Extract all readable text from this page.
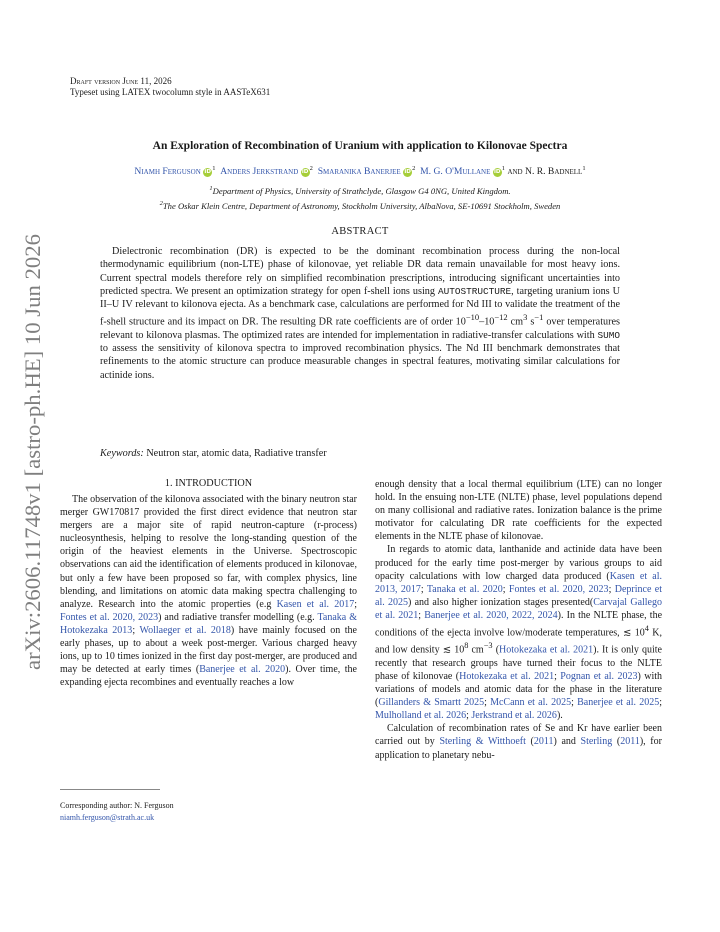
arXiv:2606.11748v1 [astro-ph.HE] 10 Jun 2026
Draft version June 11, 2026
Typeset using LATEX twocolumn style in AASTeX631
An Exploration of Recombination of Uranium with application to Kilonovae Spectra
Niamh Ferguson $iD^1$ Anders Jerkstrand $iD^2$ Smaranika Banerjee $iD^2$ M. G. O'Mullane $iD^1$ and N. R. Badnell$^1$
$^1$Department of Physics, University of Strathclyde, Glasgow G4 0NG, United Kingdom.
$^2$The Oskar Klein Centre, Department of Astronomy, Stockholm University, AlbaNova, SE-10691 Stockholm, Sweden
ABSTRACT
Dielectronic recombination (DR) is expected to be the dominant recombination process during the non-local thermodynamic equilibrium (non-LTE) phase of kilonovae, yet reliable DR data remain unavailable for most heavy ions. Current spectral models therefore rely on simplified recombination prescriptions, introducing significant uncertainties into predicted spectra. We present an optimization strategy for open f-shell ions using AUTOSTRUCTURE, targeting uranium ions U II–U IV relevant to kilonova ejecta. As a benchmark case, calculations are performed for Nd III to validate the treatment of the f-shell structure and its impact on DR. The resulting DR rate coefficients are of order $10^{-10}-10^{-12}$ $cm^3$ $s^{-1}$ over temperatures relevant to kilonova plasmas. The optimized rates are intended for implementation in radiative-transfer calculations with SUMO to assess the sensitivity of kilonova spectra to improved recombination physics. The Nd III benchmark demonstrates that refinements to the atomic structure can produce measurable changes in spectral features, motivating similar calculations for actinide ions.
Keywords: Neutron star, atomic data, Radiative transfer
1. INTRODUCTION

The observation of the kilonova associated with the binary neutron star merger GW170817 provided the first direct evidence that neutron star mergers are a major site of rapid neutron-capture (r-process) nucleosynthesis, helping to resolve the long-standing question of the origin of the heaviest elements in the Universe. Spectroscopic observations can aid the identification of elements produced in kilonovae, but only a few have been proposed so far, with complex physics, line blending, and limitations on atomic data making spectra challenging to analyze. Research into the atomic properties (e.g Kasen et al. 2017; Fontes et al. 2020, 2023) and radiative transfer modelling (e.g. Tanaka & Hotokezaka 2013; Wollaeger et al. 2018) have mainly focused on the early phases, up to about a week post-merger. Various charged heavy ions, up to 10 times ionized in the first day post-merger, are produced and may be detected at early times (Banerjee et al. 2020). Over time, the expanding ejecta recombines and eventually reaches a low

Corresponding author: N. Ferguson
niamh.ferguson@strath.ac.uk

enough density that a local thermal equilibrium (LTE) can no longer hold. In the ensuing non-LTE (NLTE) phase, level populations depend on many collisional and radiative rates. Ionization balance is the prime motivator for calculating DR rate coefficients for the expected elements in the NLTE phase of kilonovae.

In regards to atomic data, lanthanide and actinide data have been produced for the early time post-merger by various groups to aid opacity calculations with low charged data produced (Kasen et al. 2013, 2017; Tanaka et al. 2020; Fontes et al. 2020, 2023; Deprince et al. 2025) and also higher ionization stages presented(Carvajal Gallego et al. 2021; Banerjee et al. 2020, 2022, 2024). In the NLTE phase, the conditions of the ejecta involve low/moderate temperatures, ≲ $10^4$ K, and low density ≲ $10^8$ $cm^{-3}$ (Hotokezaka et al. 2021). It is only quite recently that research groups have turned their focus to the NLTE phase of kilonovae (Hotokezaka et al. 2021; Pognan et al. 2023) with variations of models and atomic data for the phase in the literature (Gillanders & Smartt 2025; McCann et al. 2025; Banerjee et al. 2025; Mulholland et al. 2026; Jerkstrand et al. 2026).

Calculation of recombination rates of Se and Kr have earlier been carried out by Sterling & Witthoeft (2011) and Sterling (2011), for application to planetary nebu-
